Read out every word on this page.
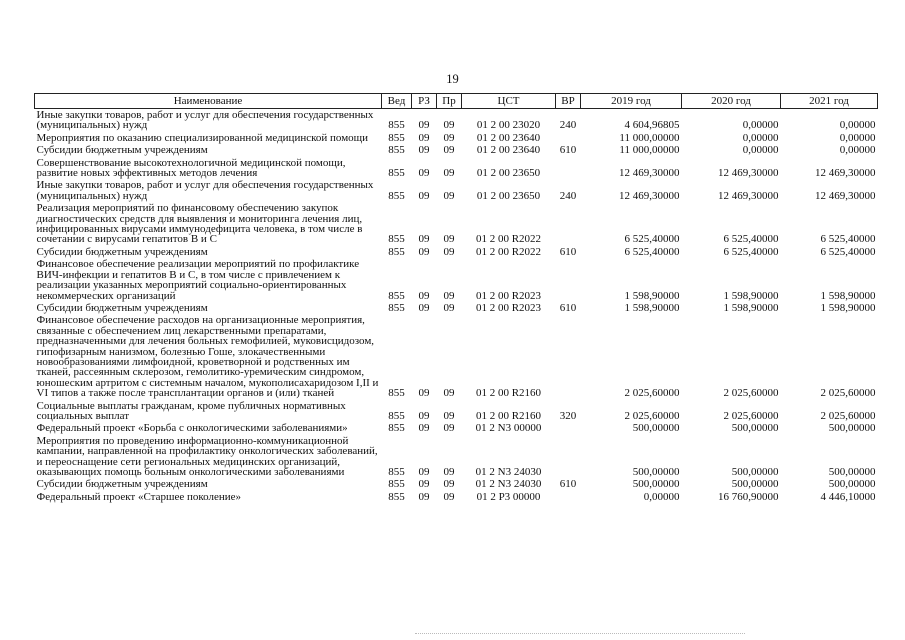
19
Наименование	Вед	РЗ	Пр	ЦСТ	ВР	2019 год	2020 год	2021 год
Иные закупки товаров, работ и услуг для обеспечения государственных (муниципальных) нужд	855	09	09	01 2 00 23020	240	4 604,96805	0,00000	0,00000
Мероприятия по оказанию специализированной медицинской помощи	855	09	09	01 2 00 23640		11 000,00000	0,00000	0,00000
Субсидии бюджетным учреждениям	855	09	09	01 2 00 23640	610	11 000,00000	0,00000	0,00000
Совершенствование высокотехнологичной медицинской помощи, развитие новых эффективных методов лечения	855	09	09	01 2 00 23650		12 469,30000	12 469,30000	12 469,30000
Иные закупки товаров, работ и услуг для обеспечения государственных (муниципальных) нужд	855	09	09	01 2 00 23650	240	12 469,30000	12 469,30000	12 469,30000
Реализация мероприятий по финансовому обеспечению закупок диагностических средств для выявления и мониторинга лечения лиц, инфицированных вирусами иммунодефицита человека, в том числе в сочетании с вирусами гепатитов В и С	855	09	09	01 2 00 R2022		6 525,40000	6 525,40000	6 525,40000
Субсидии бюджетным учреждениям	855	09	09	01 2 00 R2022	610	6 525,40000	6 525,40000	6 525,40000
Финансовое обеспечение реализации мероприятий по профилактике ВИЧ-инфекции и гепатитов В и С, в том числе с привлечением к реализации указанных мероприятий социально-ориентированных некоммерческих организаций	855	09	09	01 2 00 R2023		1 598,90000	1 598,90000	1 598,90000
Субсидии бюджетным учреждениям	855	09	09	01 2 00 R2023	610	1 598,90000	1 598,90000	1 598,90000
Финансовое обеспечение расходов на организационные мероприятия, связанные с обеспечением лиц лекарственными препаратами, предназначенными для лечения больных гемофилией, муковисцидозом, гипофизарным нанизмом, болезнью Гоше, злокачественными новообразованиями лимфоидной, кроветворной и родственных им тканей, рассеянным склерозом, гемолитико-уремическим синдромом, юношеским артритом с системным началом, мукополисахаридозом I,II и VI типов а также после трансплантации органов и (или) тканей	855	09	09	01 2 00 R2160		2 025,60000	2 025,60000	2 025,60000
Социальные выплаты гражданам, кроме публичных нормативных социальных выплат	855	09	09	01 2 00 R2160	320	2 025,60000	2 025,60000	2 025,60000
Федеральный проект «Борьба с онкологическими заболеваниями»	855	09	09	01 2 N3 00000		500,00000	500,00000	500,00000
Мероприятия по проведению информационно-коммуникационной кампании, направленной на профилактику онкологических заболеваний, и переоснащение сети региональных медицинских организаций, оказывающих помощь больным онкологическими заболеваниями	855	09	09	01 2 N3 24030		500,00000	500,00000	500,00000
Субсидии бюджетным учреждениям	855	09	09	01 2 N3 24030	610	500,00000	500,00000	500,00000
Федеральный проект «Старшее поколение»	855	09	09	01 2 P3 00000		0,00000	16 760,90000	4 446,10000
